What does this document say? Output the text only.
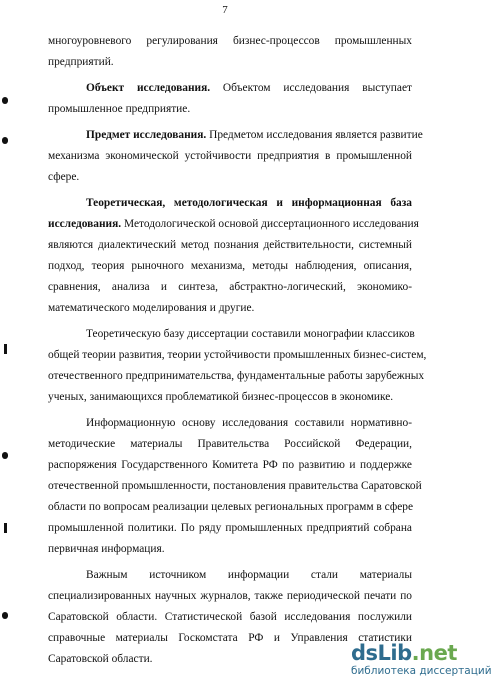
7
многоуровневого регулирования бизнес-процессов промышленных
предприятий.
Объект исследования. Объектом исследования выступает
промышленное предприятие.
Предмет исследования. Предметом исследования является развитие
механизма экономической устойчивости предприятия в промышленной
сфере.
Теоретическая, методологическая и информационная база
исследования. Методологической основой диссертационного исследования
являются диалектический метод познания действительности, системный
подход, теория рыночного механизма, методы наблюдения, описания,
сравнения, анализа и синтеза, абстрактно-логический, экономико-
математического моделирования и другие.
Теоретическую базу диссертации составили монографии классиков
общей теории развития, теории устойчивости промышленных бизнес-систем,
отечественного предпринимательства, фундаментальные работы зарубежных
ученых, занимающихся проблематикой бизнес-процессов в экономике.
Информационную основу исследования составили нормативно-
методические материалы Правительства Российской Федерации,
распоряжения Государственного Комитета РФ по развитию и поддержке
отечественной промышленности, постановления правительства Саратовской
области по вопросам реализации целевых региональных программ в сфере
промышленной политики. По ряду промышленных предприятий собрана
первичная информация.
Важным источником информации стали материалы
специализированных научных журналов, также периодической печати по
Саратовской области. Статистической базой исследования послужили
справочные материалы Госкомстата РФ и Управления статистики
Саратовской области.	dsLib.net
библиотека диссертаций
